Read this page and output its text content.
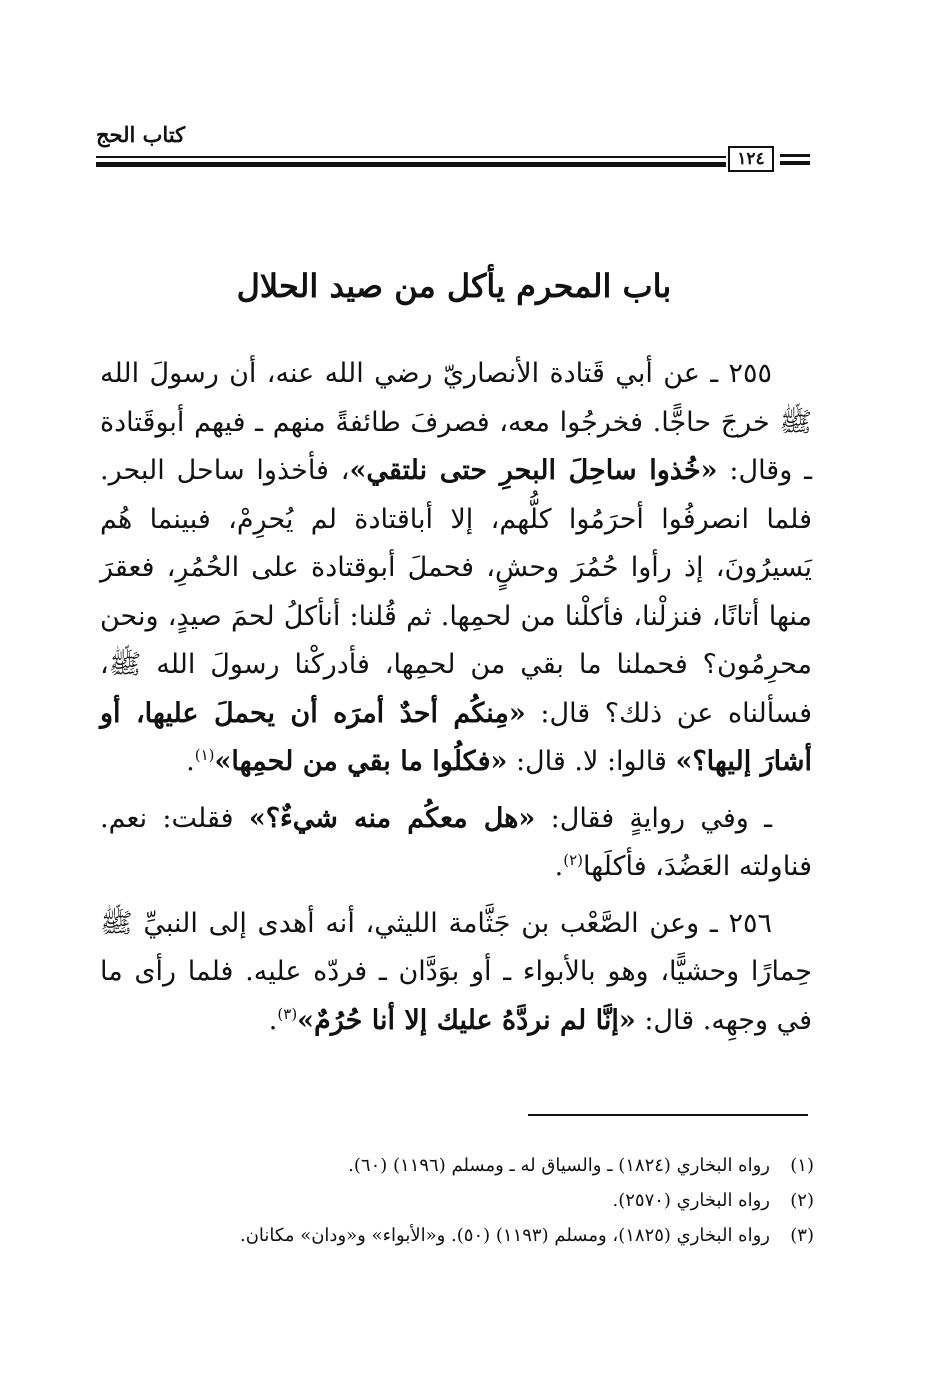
كتاب الحج
١٢٤
باب المحرم يأكل من صيد الحلال

٢٥٥ ـ عن أبي قَتادة الأنصاريّ رضي الله عنه، أن رسولَ الله ﷺ خرجَ حاجًّا. فخرجُوا معه، فصرفَ طائفةً منهم ـ فيهم أبوقَتادة ـ وقال: «خُذوا ساحِلَ البحرِ حتى نلتقي»، فأخذوا ساحل البحر. فلما انصرفُوا أحرَمُوا كلُّهم، إلا أباقتادة لم يُحرِمْ، فبينما هُم يَسيرُونَ، إذ رأوا حُمُرَ وحشٍ، فحملَ أبوقتادة على الحُمُرِ، فعقرَ منها أتانًا، فنزلْنا، فأكلْنا من لحمِها. ثم قُلنا: أنأكلُ لحمَ صيدٍ، ونحن محرِمُون؟ فحملنا ما بقي من لحمِها، فأدركْنا رسولَ الله ﷺ، فسألناه عن ذلك؟ قال: «مِنكُم أحدٌ أمرَه أن يحملَ عليها، أو أشارَ إليها؟» قالوا: لا. قال: «فكلُوا ما بقي من لحمِها»$^{(١)}$.

ـ وفي روايةٍ فقال: «هل معكُم منه شيءٌ؟» فقلت: نعم. فناولته العَضُدَ، فأكلَها$^{(٢)}$.

٢٥٦ ـ وعن الصَّعْب بن جَثَّامة الليثي، أنه أهدى إلى النبيِّ ﷺ حِمارًا وحشيًّا، وهو بالأبواء ـ أو بوَدَّان ـ فردّه عليه. فلما رأى ما في وجهِه. قال: «إنَّا لم نردَّهُ عليك إلا أنا حُرُمٌ»$^{(٣)}$.

(١)رواه البخاري (١٨٢٤) ـ والسياق له ـ ومسلم (١١٩٦) (٦٠).
(٢)رواه البخاري (٢٥٧٠).
(٣)رواه البخاري (١٨٢٥)، ومسلم (١١٩٣) (٥٠). و«الأبواء» و«ودان» مكانان.
